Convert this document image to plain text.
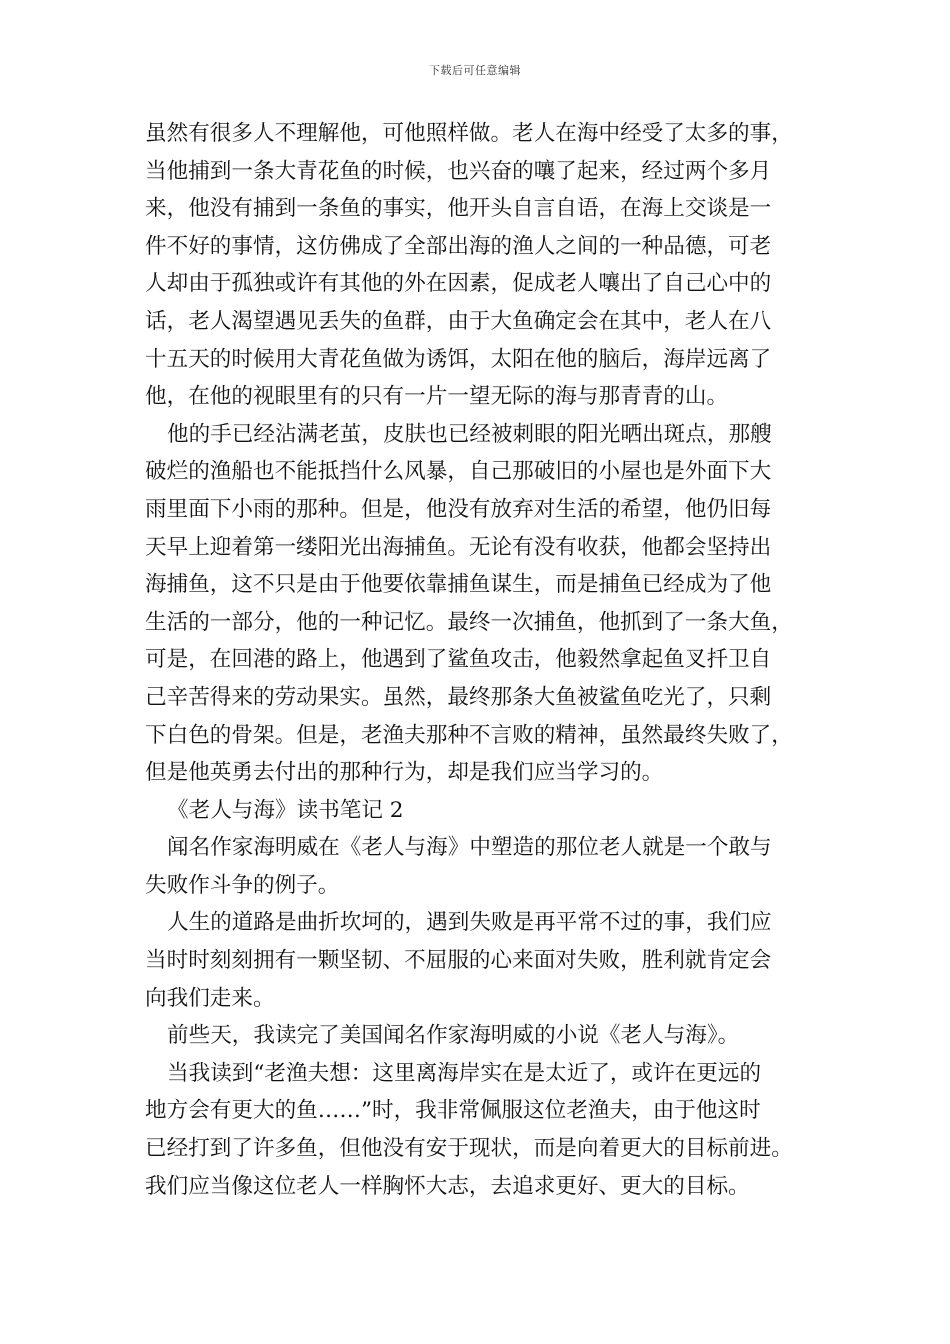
下载后可任意编辑
虽然有很多人不理解他，可他照样做。老人在海中经受了太多的事，
当他捕到一条大青花鱼的时候，也兴奋的嚷了起来，经过两个多月
来，他没有捕到一条鱼的事实，他开头自言自语，在海上交谈是一
件不好的事情，这仿佛成了全部出海的渔人之间的一种品德，可老
人却由于孤独或许有其他的外在因素，促成老人嚷出了自己心中的
话，老人渴望遇见丢失的鱼群，由于大鱼确定会在其中，老人在八
十五天的时候用大青花鱼做为诱饵，太阳在他的脑后，海岸远离了
他，在他的视眼里有的只有一片一望无际的海与那青青的山。
他的手已经沾满老茧，皮肤也已经被刺眼的阳光晒出斑点，那艘
破烂的渔船也不能抵挡什么风暴，自己那破旧的小屋也是外面下大
雨里面下小雨的那种。但是，他没有放弃对生活的希望，他仍旧每
天早上迎着第一缕阳光出海捕鱼。无论有没有收获，他都会坚持出
海捕鱼，这不只是由于他要依靠捕鱼谋生，而是捕鱼已经成为了他
生活的一部分，他的一种记忆。最终一次捕鱼，他抓到了一条大鱼，
可是，在回港的路上，他遇到了鲨鱼攻击，他毅然拿起鱼叉扦卫自
己辛苦得来的劳动果实。虽然，最终那条大鱼被鲨鱼吃光了，只剩
下白色的骨架。但是，老渔夫那种不言败的精神，虽然最终失败了，
但是他英勇去付出的那种行为，却是我们应当学习的。
《老人与海》读书笔记 2
闻名作家海明威在《老人与海》中塑造的那位老人就是一个敢与
失败作斗争的例子。
人生的道路是曲折坎坷的，遇到失败是再平常不过的事，我们应
当时时刻刻拥有一颗坚韧、不屈服的心来面对失败，胜利就肯定会
向我们走来。
前些天，我读完了美国闻名作家海明威的小说《老人与海》。
当我读到“老渔夫想：这里离海岸实在是太近了，或许在更远的
地方会有更大的鱼……”时，我非常佩服这位老渔夫，由于他这时
已经打到了许多鱼，但他没有安于现状，而是向着更大的目标前进。
我们应当像这位老人一样胸怀大志，去追求更好、更大的目标。
